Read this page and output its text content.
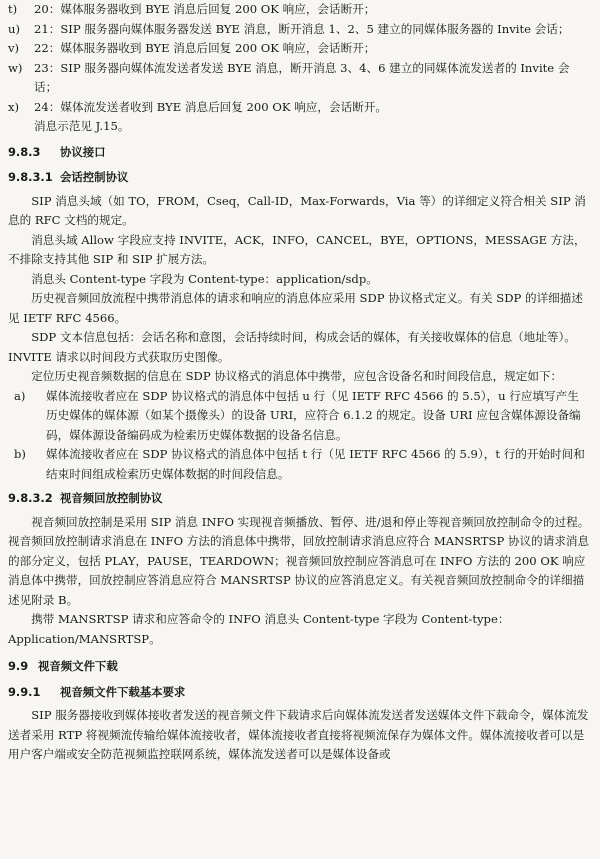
t)	20：媒体服务器收到 BYE 消息后回复 200 OK 响应，会话断开；
u)	21：SIP 服务器向媒体服务器发送 BYE 消息，断开消息 1、2、5 建立的同媒体服务器的 Invite 会话；
v)	22：媒体服务器收到 BYE 消息后回复 200 OK 响应，会话断开；
w) 23：SIP 服务器向媒体流发送者发送 BYE 消息，断开消息 3、4、6 建立的同媒体流发送者的 Invite 会话；
x)	24：媒体流发送者收到 BYE 消息后回复 200 OK 响应，会话断开。
消息示范见 J.15。
9.8.3 协议接口
9.8.3.1 会话控制协议
SIP 消息头域（如 TO，FROM，Cseq，Call-ID，Max-Forwards，Via 等）的详细定义符合相关 SIP 消息的 RFC 文档的规定。
消息头域 Allow 字段应支持 INVITE，ACK，INFO，CANCEL，BYE，OPTIONS，MESSAGE 方法，不排除支持其他 SIP 和 SIP 扩展方法。
消息头 Content-type 字段为 Content-type：application/sdp。
历史视音频回放流程中携带消息体的请求和响应的消息体应采用 SDP 协议格式定义。有关 SDP 的详细描述见 IETF RFC 4566。
SDP 文本信息包括：会话名称和意图，会话持续时间，构成会话的媒体，有关接收媒体的信息（地址等）。INVITE 请求以时间段方式获取历史图像。
定位历史视音频数据的信息在 SDP 协议格式的消息体中携带，应包含设备名和时间段信息，规定如下：
a)	媒体流接收者应在 SDP 协议格式的消息体中包括 u 行（见 IETF RFC 4566 的 5.5），u 行应填写产生历史媒体的媒体源（如某个摄像头）的设备 URI，应符合 6.1.2 的规定。设备 URI 应包含媒体源设备编码，媒体源设备编码成为检索历史媒体数据的设备名信息。
b)	媒体流接收者应在 SDP 协议格式的消息体中包括 t 行（见 IETF RFC 4566 的 5.9），t 行的开始时间和结束时间组成检索历史媒体数据的时间段信息。
9.8.3.2 视音频回放控制协议
视音频回放控制是采用 SIP 消息 INFO 实现视音频播放、暂停、进/退和停止等视音频回放控制命令的过程。视音频回放控制请求消息在 INFO 方法的消息体中携带，回放控制请求消息应符合 MANSRTSP 协议的请求消息的部分定义，包括 PLAY，PAUSE，TEARDOWN；视音频回放控制应答消息可在 INFO 方法的 200 OK 响应消息体中携带，回放控制应答消息应符合 MANSRTSP 协议的应答消息定义。有关视音频回放控制命令的详细描述见附录 B。
携带 MANSRTSP 请求和应答命令的 INFO 消息头 Content-type 字段为 Content-type：Application/MANSRTSP。
9.9 视音频文件下载
9.9.1 视音频文件下载基本要求
SIP 服务器接收到媒体接收者发送的视音频文件下载请求后向媒体流发送者发送媒体文件下载命令，媒体流发送者采用 RTP 将视频流传输给媒体流接收者，媒体流接收者直接将视频流保存为媒体文件。媒体流接收者可以是用户客户端或安全防范视频监控联网系统，媒体流发送者可以是媒体设备或
